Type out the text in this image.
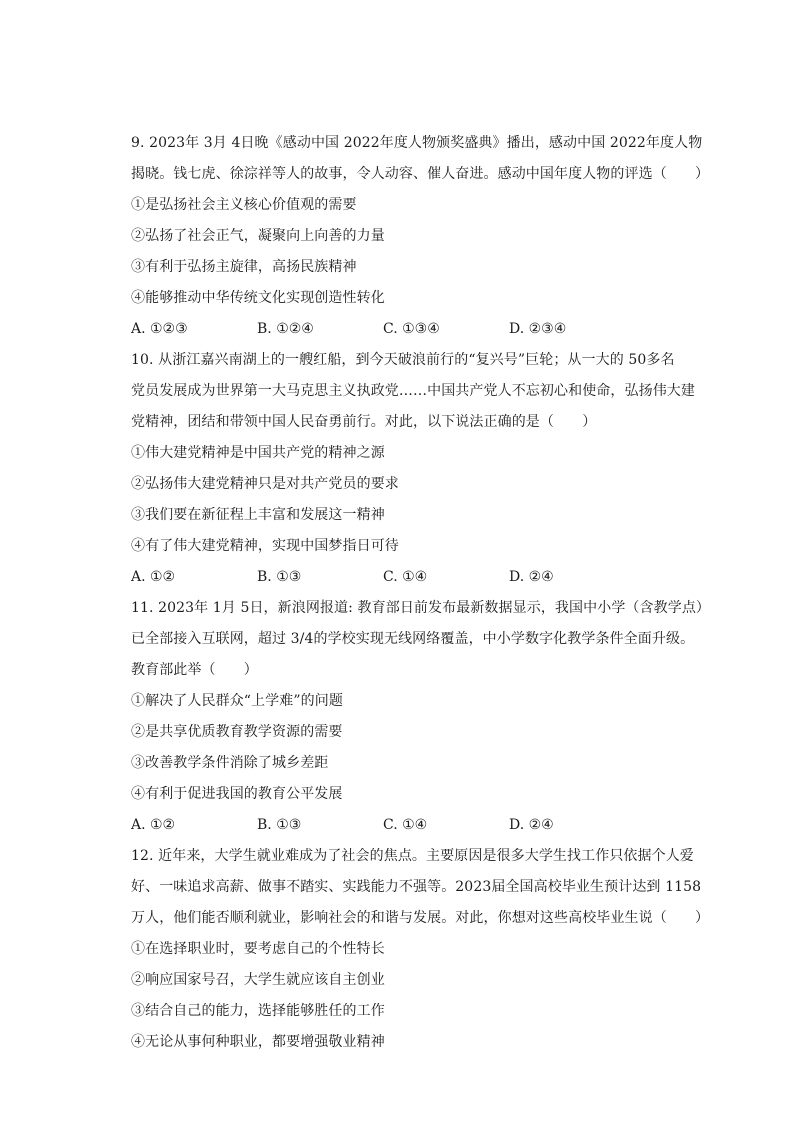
9. 2023年 3月 4日晚《感动中国 2022年度人物颁奖盛典》播出，感动中国 2022年度人物
揭晓。钱七虎、徐淙祥等人的故事，令人动容、催人奋进。感动中国年度人物的评选（　　）
①是弘扬社会主义核心价值观的需要
②弘扬了社会正气，凝聚向上向善的力量
③有利于弘扬主旋律，高扬民族精神
④能够推动中华传统文化实现创造性转化
A. ①②③	B. ①②④	C. ①③④	D. ②③④
10. 从浙江嘉兴南湖上的一艘红船，到今天破浪前行的“复兴号”巨轮；从一大的 50多名
党员发展成为世界第一大马克思主义执政党……中国共产党人不忘初心和使命，弘扬伟大建
党精神，团结和带领中国人民奋勇前行。对此，以下说法正确的是（　　）
①伟大建党精神是中国共产党的精神之源
②弘扬伟大建党精神只是对共产党员的要求
③我们要在新征程上丰富和发展这一精神
④有了伟大建党精神，实现中国梦指日可待
A. ①②	B. ①③	C. ①④	D. ②④
11. 2023年 1月 5日，新浪网报道: 教育部日前发布最新数据显示，我国中小学（含教学点）
已全部接入互联网，超过 3/4的学校实现无线网络覆盖，中小学数字化教学条件全面升级。
教育部此举（　　）
①解决了人民群众“上学难”的问题
②是共享优质教育教学资源的需要
③改善教学条件消除了城乡差距
④有利于促进我国的教育公平发展
A. ①②	B. ①③	C. ①④	D. ②④
12. 近年来，大学生就业难成为了社会的焦点。主要原因是很多大学生找工作只依据个人爱
好、一味追求高薪、做事不踏实、实践能力不强等。2023届全国高校毕业生预计达到 1158
万人，他们能否顺利就业，影响社会的和谐与发展。对此，你想对这些高校毕业生说（　　）
①在选择职业时，要考虑自己的个性特长
②响应国家号召，大学生就应该自主创业
③结合自己的能力，选择能够胜任的工作
④无论从事何种职业，都要增强敬业精神
